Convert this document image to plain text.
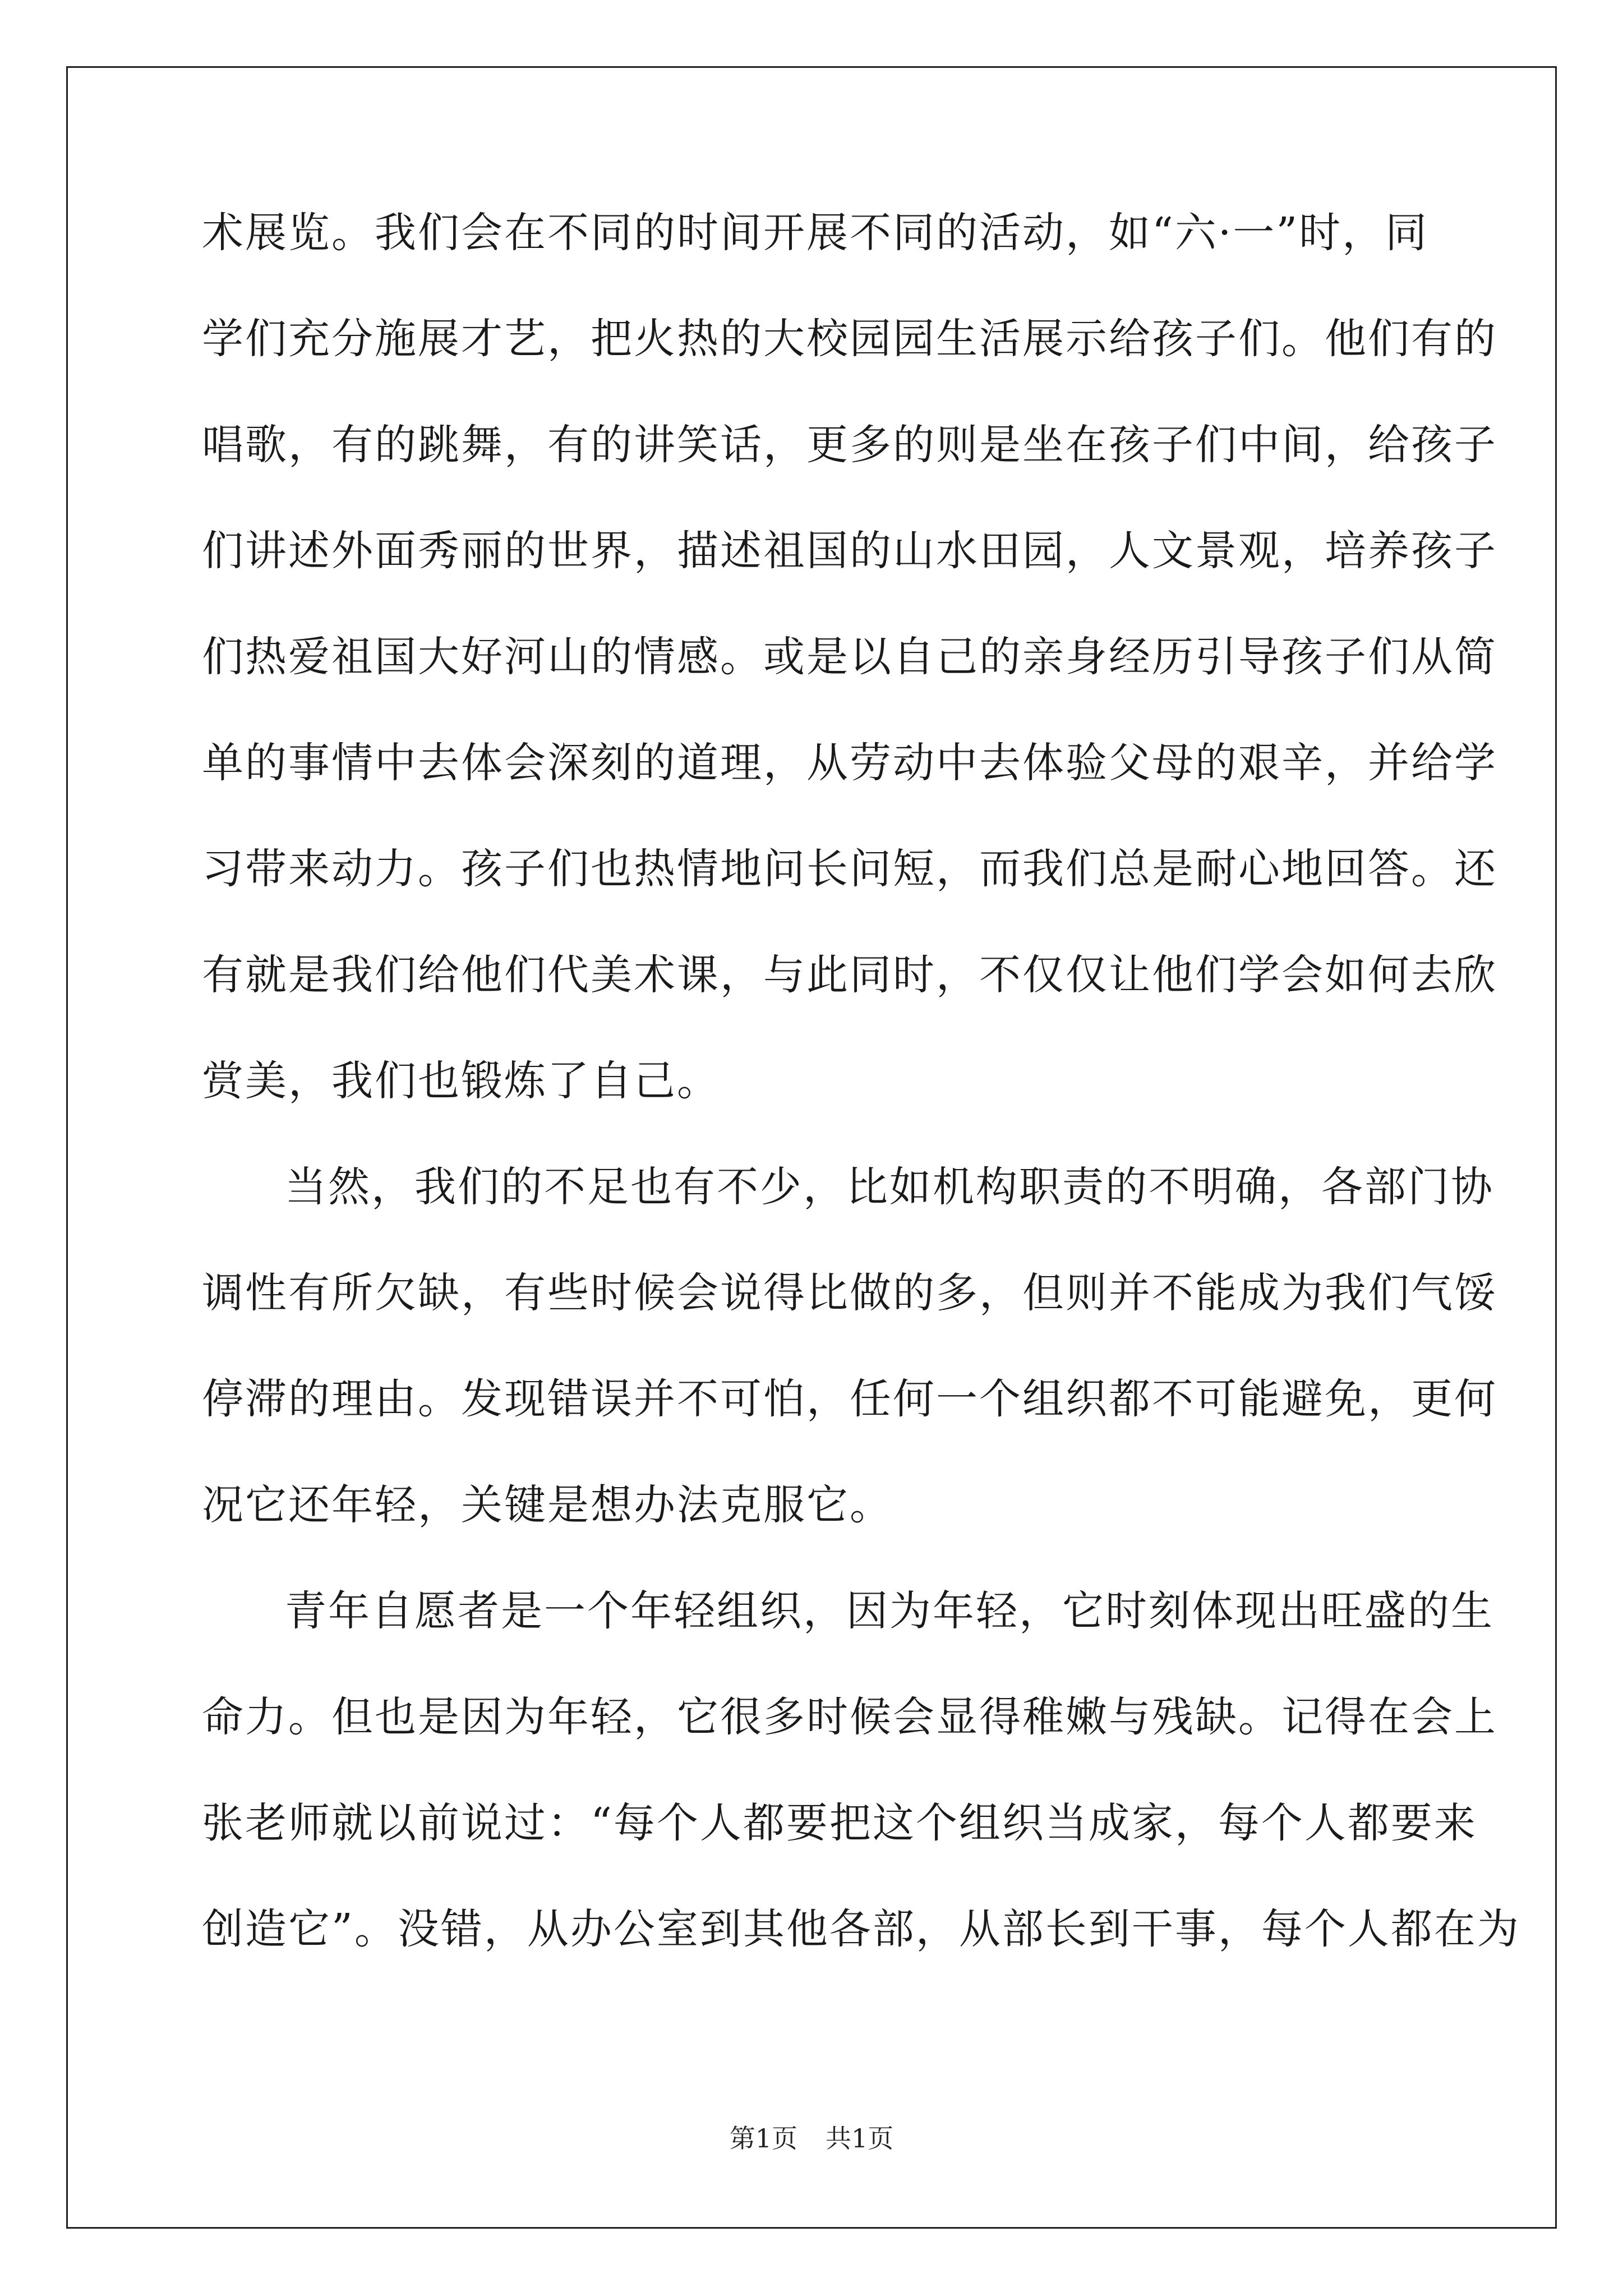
术展览。我们会在不同的时间开展不同的活动，如“六·一”时，同
学们充分施展才艺，把火热的大校园园生活展示给孩子们。他们有的
唱歌，有的跳舞，有的讲笑话，更多的则是坐在孩子们中间，给孩子
们讲述外面秀丽的世界，描述祖国的山水田园，人文景观，培养孩子
们热爱祖国大好河山的情感。或是以自己的亲身经历引导孩子们从简
单的事情中去体会深刻的道理，从劳动中去体验父母的艰辛，并给学
习带来动力。孩子们也热情地问长问短，而我们总是耐心地回答。还
有就是我们给他们代美术课，与此同时，不仅仅让他们学会如何去欣
赏美，我们也锻炼了自己。
当然，我们的不足也有不少，比如机构职责的不明确，各部门协
调性有所欠缺，有些时候会说得比做的多，但则并不能成为我们气馁
停滞的理由。发现错误并不可怕，任何一个组织都不可能避免，更何
况它还年轻，关键是想办法克服它。
青年自愿者是一个年轻组织，因为年轻，它时刻体现出旺盛的生
命力。但也是因为年轻，它很多时候会显得稚嫩与残缺。记得在会上
张老师就以前说过：“每个人都要把这个组织当成家，每个人都要来
创造它”。没错，从办公室到其他各部，从部长到干事，每个人都在为
第1页 共1页
